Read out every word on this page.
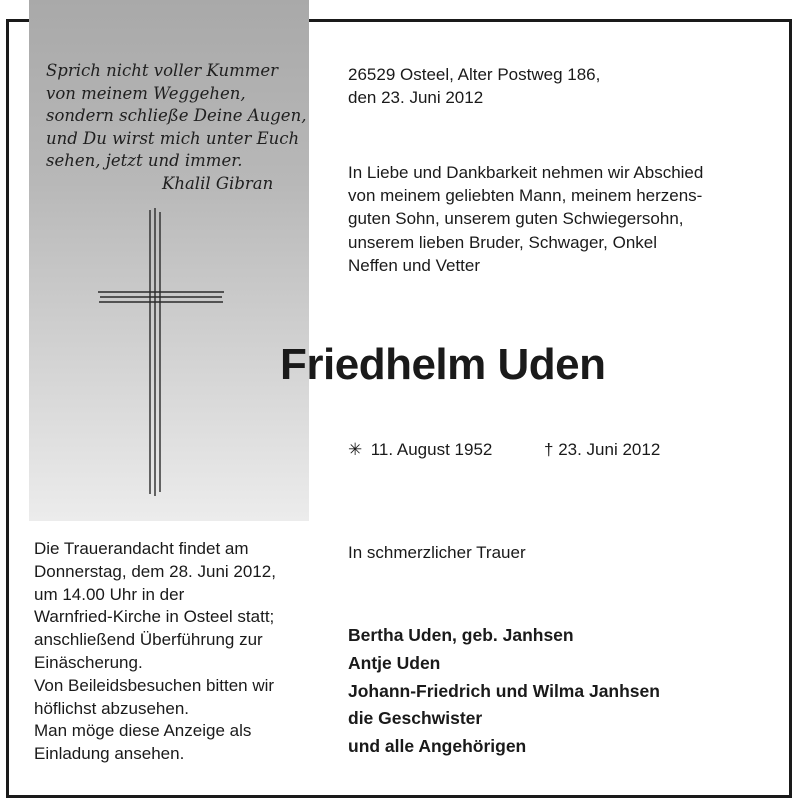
Sprich nicht voller Kummer
von meinem Weggehen,
sondern schließe Deine Augen,
und Du wirst mich unter Euch
sehen, jetzt und immer.
Khalil Gibran
26529 Osteel, Alter Postweg 186,
den 23. Juni 2012
In Liebe und Dankbarkeit nehmen wir Abschied
von meinem geliebten Mann, meinem herzens-
guten Sohn, unserem guten Schwiegersohn,
unserem lieben Bruder, Schwager, Onkel
Neffen und Vetter
Friedhelm Uden
✳ 11. August 1952	† 23. Juni 2012
Die Trauerandacht findet am
Donnerstag, dem 28. Juni 2012,
um 14.00 Uhr in der
Warnfried-Kirche in Osteel statt;
anschließend Überführung zur
Einäscherung.
Von Beileidsbesuchen bitten wir
höflichst abzusehen.
Man möge diese Anzeige als
Einladung ansehen.
In schmerzlicher Trauer
Bertha Uden, geb. Janhsen
Antje Uden
Johann-Friedrich und Wilma Janhsen
die Geschwister
und alle Angehörigen
